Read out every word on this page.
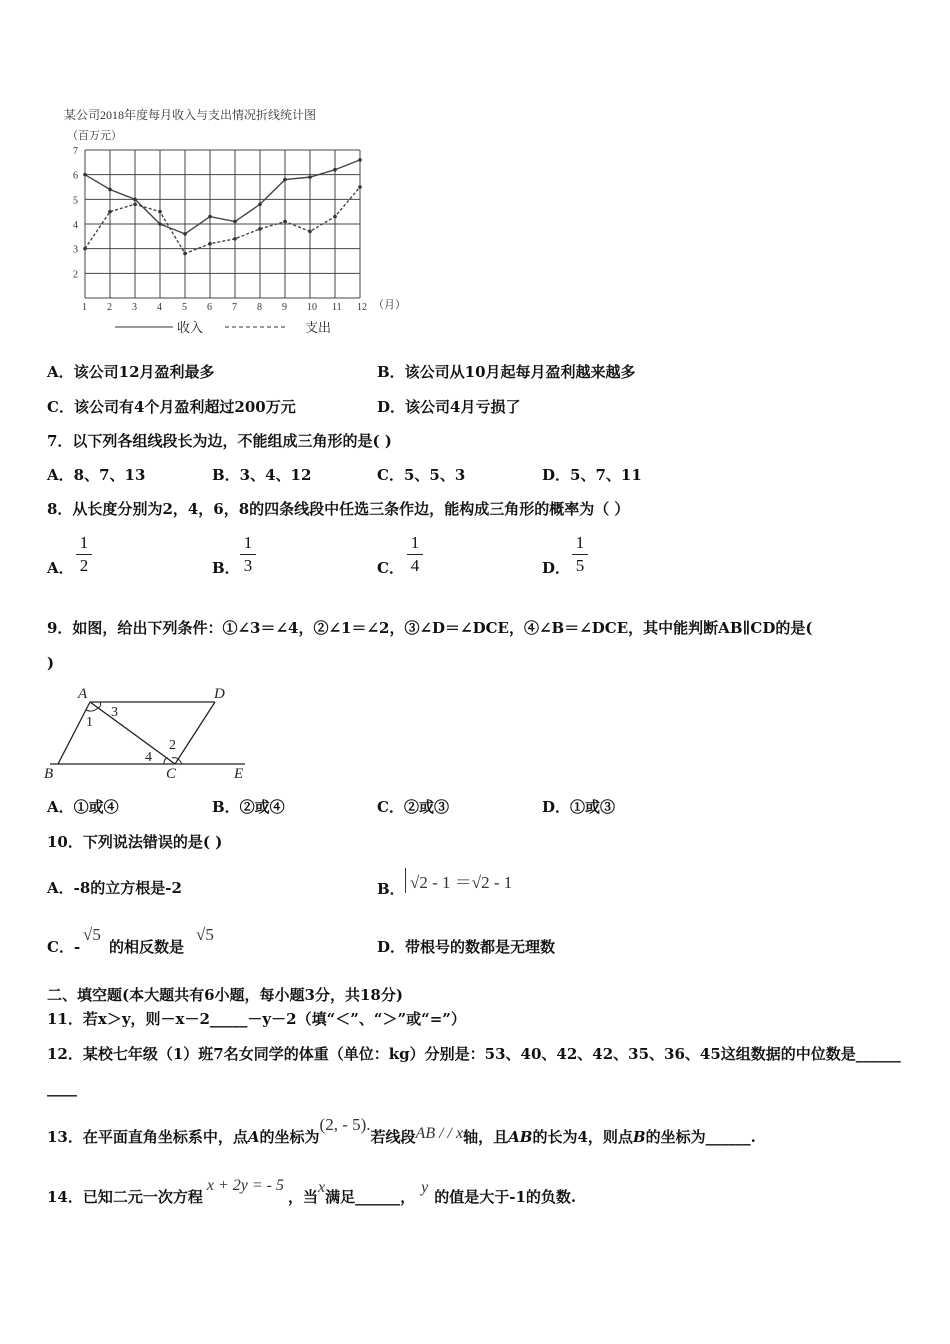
某公司2018年度每月收入与支出情况折线统计图
（百万元）
2
3
4
5
6
7
1 2 3 4 5 6 7 8 9 10 11 12 （月）
收入	支出
A．该公司12月盈利最多	B．该公司从10月起每月盈利越来越多
C．该公司有4个月盈利超过200万元	D．该公司4月亏损了
7．以下列各组线段长为边，不能组成三角形的是( )
A．8、7、13	B．3、4、12	C．5、5、3	D．5、7、11
8．从长度分别为2，4，6，8的四条线段中任选三条作边，能构成三角形的概率为（ ）
A．
1
2	B．
1
3	C．
1
4	D．
1
5
9．如图，给出下列条件：①∠3＝∠4，②∠1＝∠2，③∠D＝∠DCE，④∠B＝∠DCE，其中能判断AB∥CD的是(
)
A	D
B	C	E
1
3
4
2
A．①或④	B．②或④	C．②或③	D．①或③
10．下列说法错误的是( )
A．-8的立方根是-2	B． √2 - 1 ＝√2 - 1
C．-
√5
的相反数是
√5
D．带根号的数都是无理数
二、填空题(本大题共有6小题，每小题3分，共18分)
11．若x＞y，则－x－2_____－y－2（填“＜”、“＞”或“=”）
12．某校七年级（1）班7名女同学的体重（单位：kg）分别是：53、40、42、42、35、36、45这组数据的中位数是______
____
13．在平面直角坐标系中，点A的坐标为(2, - 5).若线段AB / / x轴，且AB的长为4，则点B的坐标为______.
14．已知二元一次方程x + 2y = - 5，当x满足______，y的值是大于-1的负数.
